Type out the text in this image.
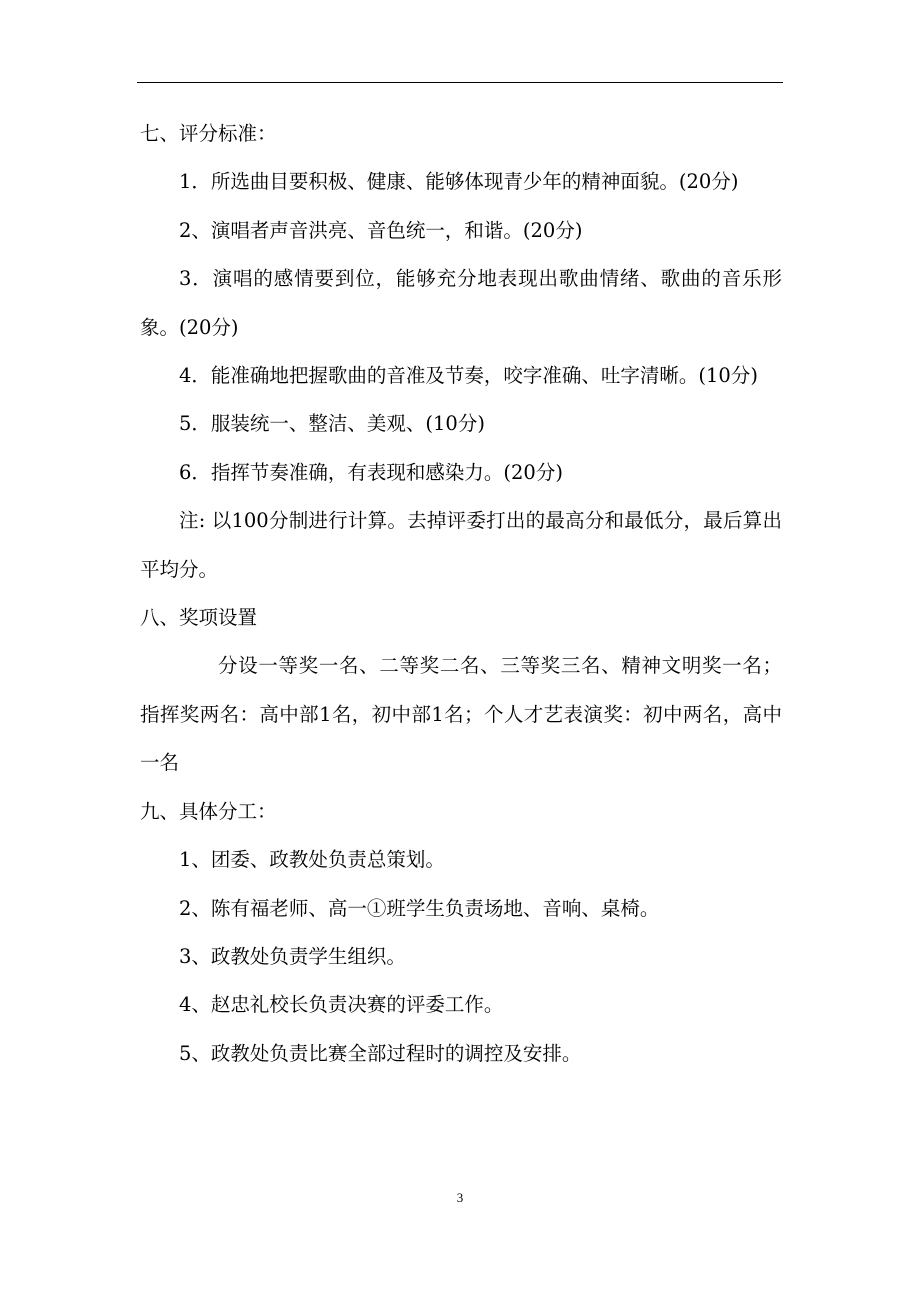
七、评分标准：

1．所选曲目要积极、健康、能够体现青少年的精神面貌。(20分)

2、演唱者声音洪亮、音色统一，和谐。(20分)

3．演唱的感情要到位，能够充分地表现出歌曲情绪、歌曲的音乐形象。(20分)

4．能准确地把握歌曲的音准及节奏，咬字准确、吐字清晰。(10分)

5．服装统一、整洁、美观、(10分)

6．指挥节奏准确，有表现和感染力。(20分)

注: 以100分制进行计算。去掉评委打出的最高分和最低分，最后算出平均分。

八、奖项设置

分设一等奖一名、二等奖二名、三等奖三名、精神文明奖一名；指挥奖两名：高中部1名，初中部1名；个人才艺表演奖：初中两名，高中一名

九、具体分工：

1、团委、政教处负责总策划。

2、陈有福老师、高一①班学生负责场地、音响、桌椅。

3、政教处负责学生组织。

4、赵忠礼校长负责决赛的评委工作。

5、政教处负责比赛全部过程时的调控及安排。

3
